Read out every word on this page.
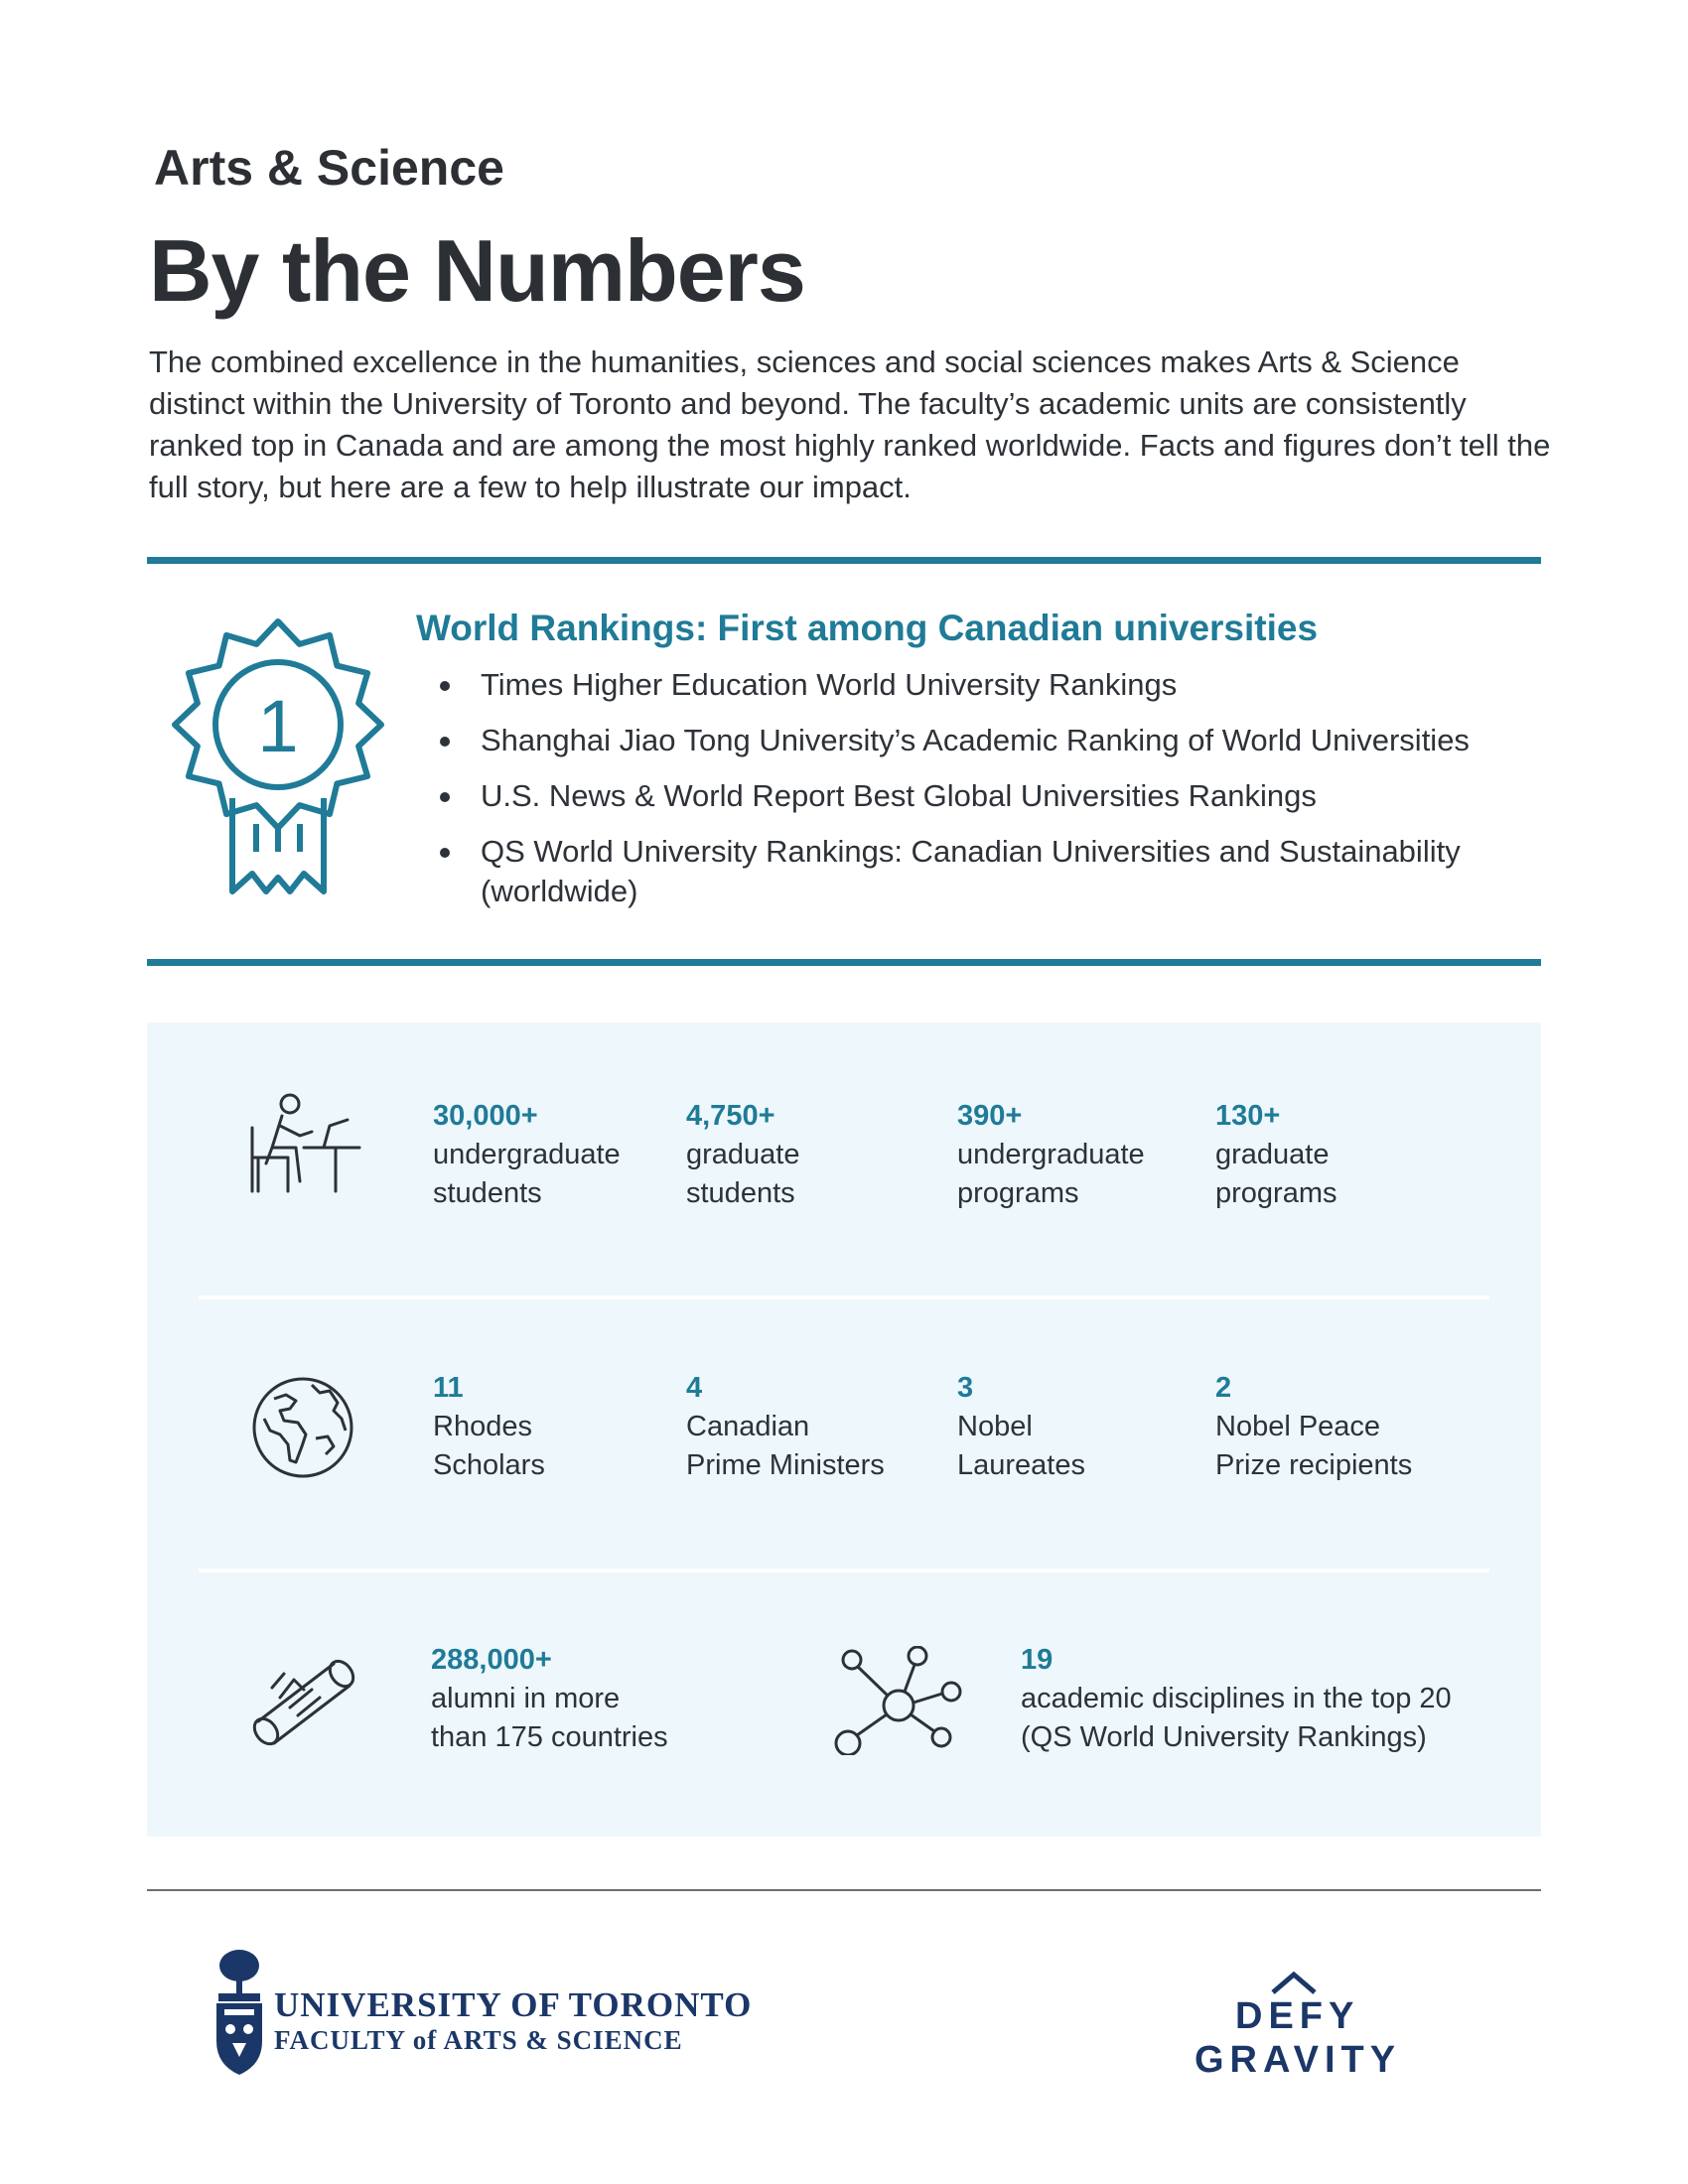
Arts & Science
By the Numbers

The combined excellence in the humanities, sciences and social sciences makes Arts & Science distinct within the University of Toronto and beyond. The faculty’s academic units are consistently ranked top in Canada and are among the most highly ranked worldwide. Facts and figures don’t tell the full story, but here are a few to help illustrate our impact.

1
World Rankings: First among Canadian universities
Times Higher Education World University Rankings
Shanghai Jiao Tong University’s Academic Ranking of World Universities
U.S. News & World Report Best Global Universities Rankings
QS World University Rankings: Canadian Universities and Sustainability (worldwide)
30,000+
undergraduate
students
4,750+
graduate
students
390+
undergraduate
programs
130+
graduate
programs
11
Rhodes
Scholars
4
Canadian
Prime Ministers
3
Nobel
Laureates
2
Nobel Peace
Prize recipients
288,000+
alumni in more
than 175 countries
19
academic disciplines in the top 20
(QS World University Rankings)
UNIVERSITY OF TORONTO
FACULTY of ARTS & SCIENCE
DEFY
GRAVITY
